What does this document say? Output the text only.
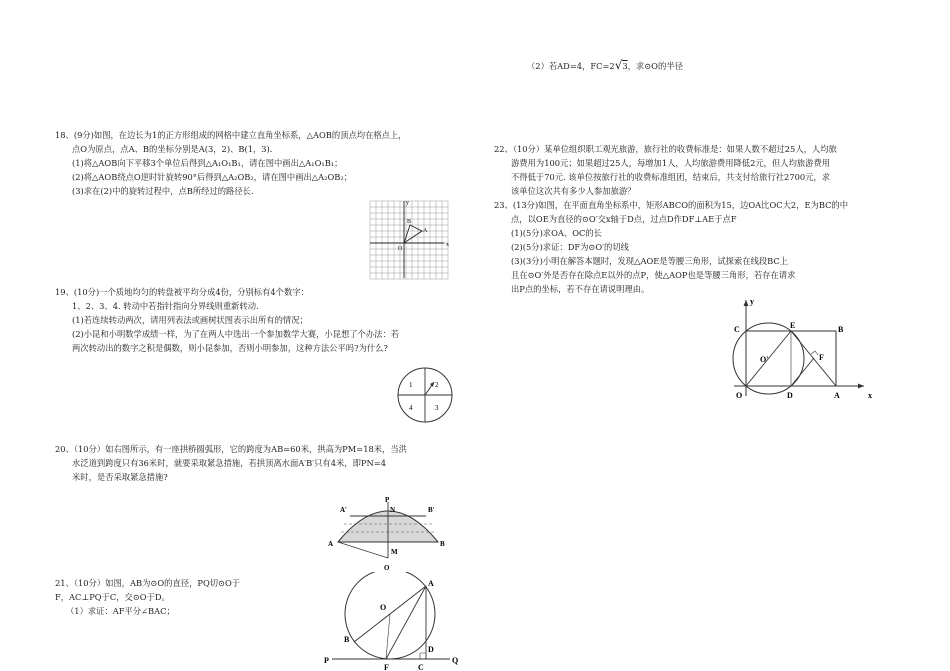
（2）若AD=4，FC=2√3，求⊙O的半径
18、(9分)如图，在边长为1的正方形组成的网格中建立直角坐标系，△AOB的顶点均在格点上，
点O为原点，点A、B的坐标分别是A(3，2)、B(1，3).
(1)将△AOB向下平移3个单位后得到△A₁O₁B₁，请在图中画出△A₁O₁B₁；
(2)将△AOB绕点O逆时针旋转90°后得到△A₂OB₂，请在图中画出△A₂OB₂；
(3)求在(2)中的旋转过程中，点B所经过的路径长.
y
x
B
A
O
19、(10分)一个质地均匀的转盘被平均分成4份，分别标有4个数字：
1、2、3、4. 转动中若指针指向分界线则重新转动.
(1)若连续转动两次，请用列表法或画树状图表示出所有的情况；
(2)小昆和小明数学成绩一样，为了在两人中选出一个参加数学大赛，小昆想了个办法：若
两次转动出的数字之积是偶数，则小昆参加，否则小明参加，这种方法公平吗?为什么?
1	2
3
4
20、（10分）如右图所示，有一座拱桥圆弧形，它的跨度为AB=60米，拱高为PM=18米，当洪
水泛道到跨度只有36米时，就要采取紧急措施，若拱顶离水面A′B′只有4米，即PN=4
米时，是否采取紧急措施?
P
N
A′	B′
A	B
M
O
21、（10分）如图，AB为⊙O的直径，PQ切⊙O于
F，AC⊥PQ于C，交⊙O于D。
（1）求证：AF平分∠BAC；
A
O
B
D
P
F	C
Q
22、（10分）某单位组织职工观光旅游，旅行社的收费标准是：如果人数不超过25人，人均旅
游费用为100元；如果超过25人，每增加1人，人均旅游费用降低2元，但人均旅游费用
不得低于70元. 该单位按旅行社的收费标准组团，结束后，共支付给旅行社2700元，求
该单位这次共有多少人参加旅游？
23、(13分)如图，在平面直角坐标系中，矩形ABCO的面积为15，边OA比OC大2，E为BC的中
点，以OE为直径的⊙O′交x轴于D点，过点D作DF⊥AE于点F
(1)(5分)求OA、OC的长
(2)(5分)求证：DF为⊙O′的切线
(3)(3分)小明在解答本题时，发现△AOE是等腰三角形，试探索在线段BC上
且在⊙O′外是否存在除点E以外的点P，使△AOP也是等腰三角形，若存在请求
出P点的坐标，若不存在请说明理由。
y
C	E	B
O′	F
O	D	A	x
